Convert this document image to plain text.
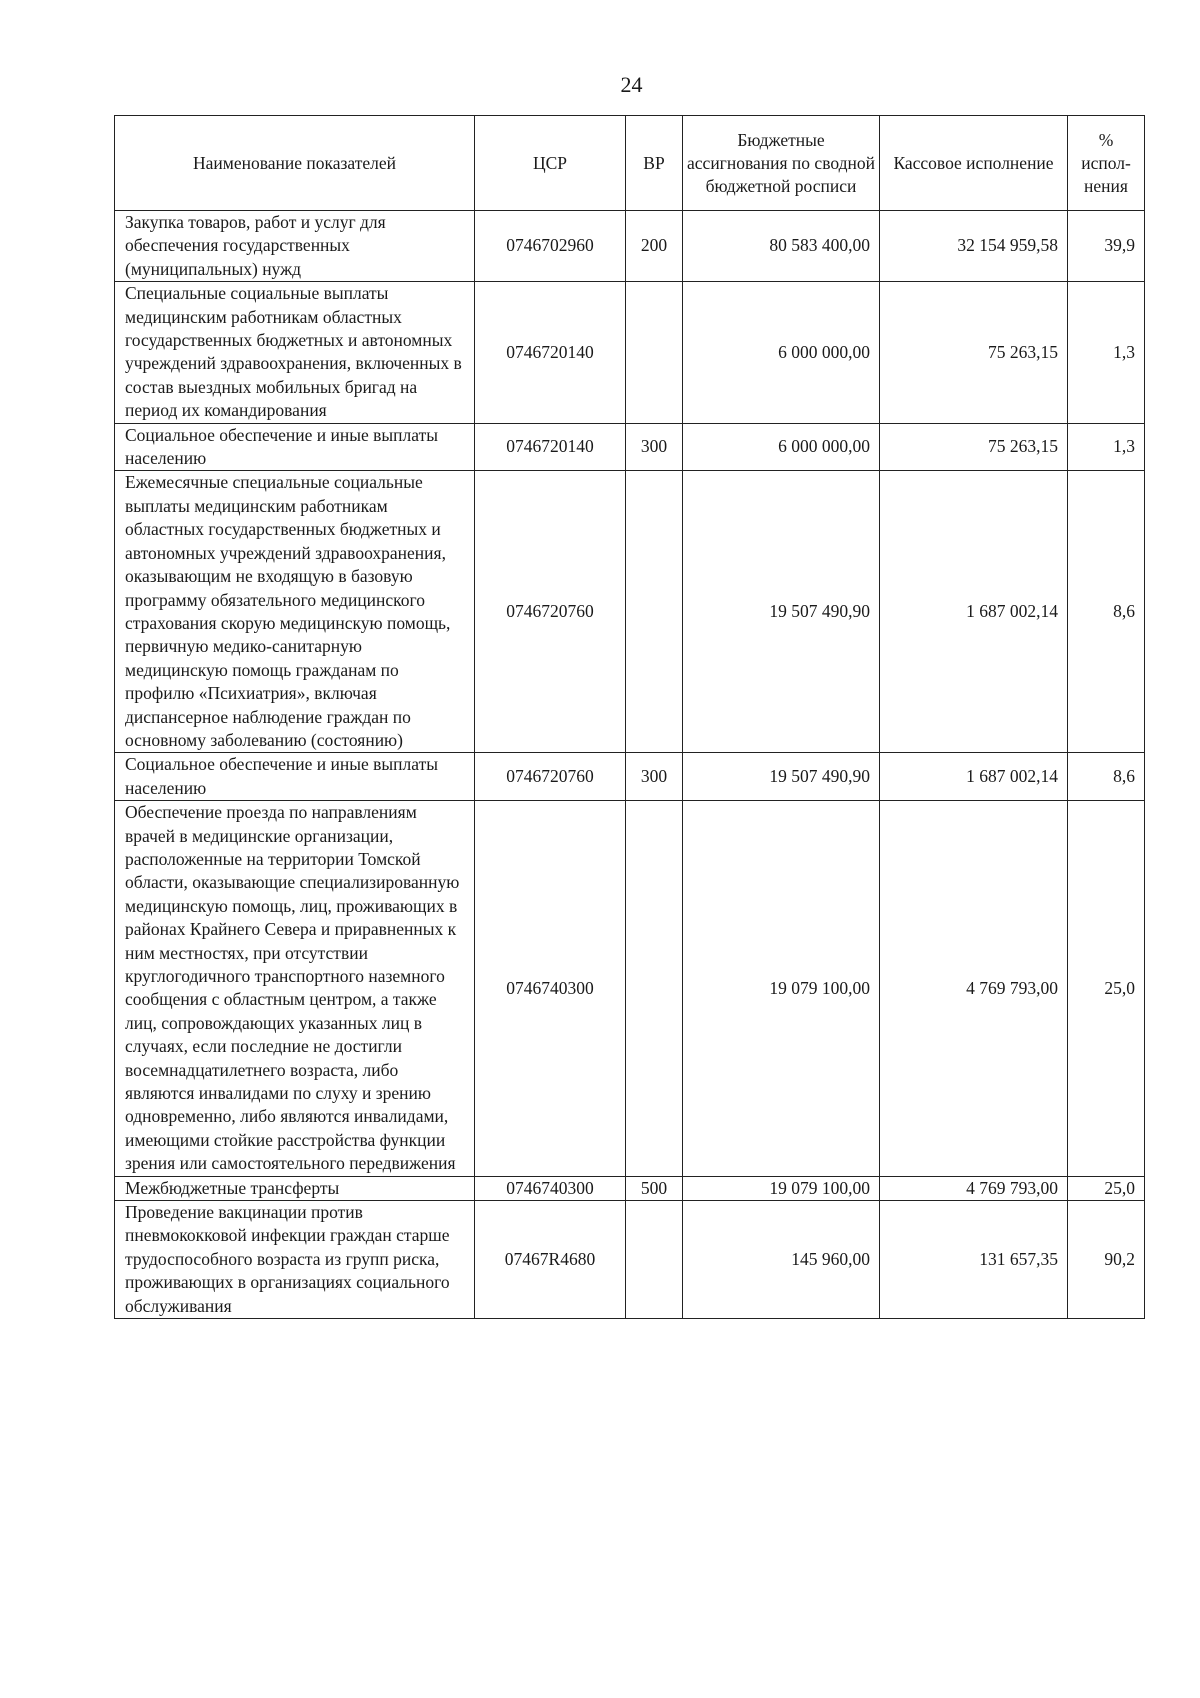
24
Наименование показателей	ЦСР	ВР	Бюджетные ассигнования по сводной бюджетной росписи	Кассовое исполнение	% испол-нения
Закупка товаров, работ и услуг для обеспечения государственных (муниципальных) нужд	0746702960	200	80 583 400,00	32 154 959,58	39,9
Специальные социальные выплаты медицинским работникам областных государственных бюджетных и автономных учреждений здравоохранения, включенных в состав выездных мобильных бригад на период их командирования	0746720140		6 000 000,00	75 263,15	1,3
Социальное обеспечение и иные выплаты населению	0746720140	300	6 000 000,00	75 263,15	1,3
Ежемесячные специальные социальные выплаты медицинским работникам областных государственных бюджетных и автономных учреждений здравоохранения, оказывающим не входящую в базовую программу обязательного медицинского страхования скорую медицинскую помощь, первичную медико-санитарную медицинскую помощь гражданам по профилю «Психиатрия», включая диспансерное наблюдение граждан по основному заболеванию (состоянию)	0746720760		19 507 490,90	1 687 002,14	8,6
Социальное обеспечение и иные выплаты населению	0746720760	300	19 507 490,90	1 687 002,14	8,6
Обеспечение проезда по направлениям врачей в медицинские организации, расположенные на территории Томской области, оказывающие специализированную медицинскую помощь, лиц, проживающих в районах Крайнего Севера и приравненных к ним местностях, при отсутствии круглогодичного транспортного наземного сообщения с областным центром, а также лиц, сопровождающих указанных лиц в случаях, если последние не достигли восемнадцатилетнего возраста, либо являются инвалидами по слуху и зрению одновременно, либо являются инвалидами, имеющими стойкие расстройства функции зрения или самостоятельного передвижения	0746740300		19 079 100,00	4 769 793,00	25,0
Межбюджетные трансферты	0746740300	500	19 079 100,00	4 769 793,00	25,0
Проведение вакцинации против пневмококковой инфекции граждан старше трудоспособного возраста из групп риска, проживающих в организациях социального обслуживания	07467R4680		145 960,00	131 657,35	90,2
